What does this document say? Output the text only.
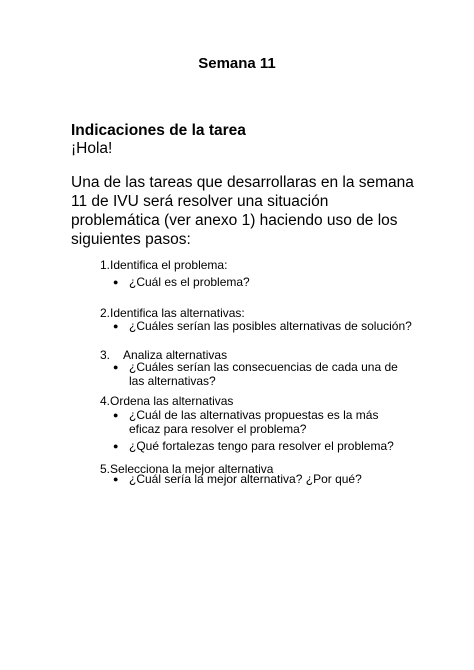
Semana 11
Indicaciones de la tarea
¡Hola!
Una de las tareas que desarrollaras en la semana 11 de IVU será resolver una situación problemática (ver anexo 1) haciendo uso de los siguientes pasos:
1.Identifica el problema:
● ¿Cuál es el problema?
2.Identifica las alternativas:
● ¿Cuáles serían las posibles alternativas de solución?
3. Analiza alternativas
● ¿Cuáles serían las consecuencias de cada una de las alternativas?
4.Ordena las alternativas
● ¿Cuál de las alternativas propuestas es la más eficaz para resolver el problema?
● ¿Qué fortalezas tengo para resolver el problema?
5.Selecciona la mejor alternativa
● ¿Cuál sería la mejor alternativa? ¿Por qué?
